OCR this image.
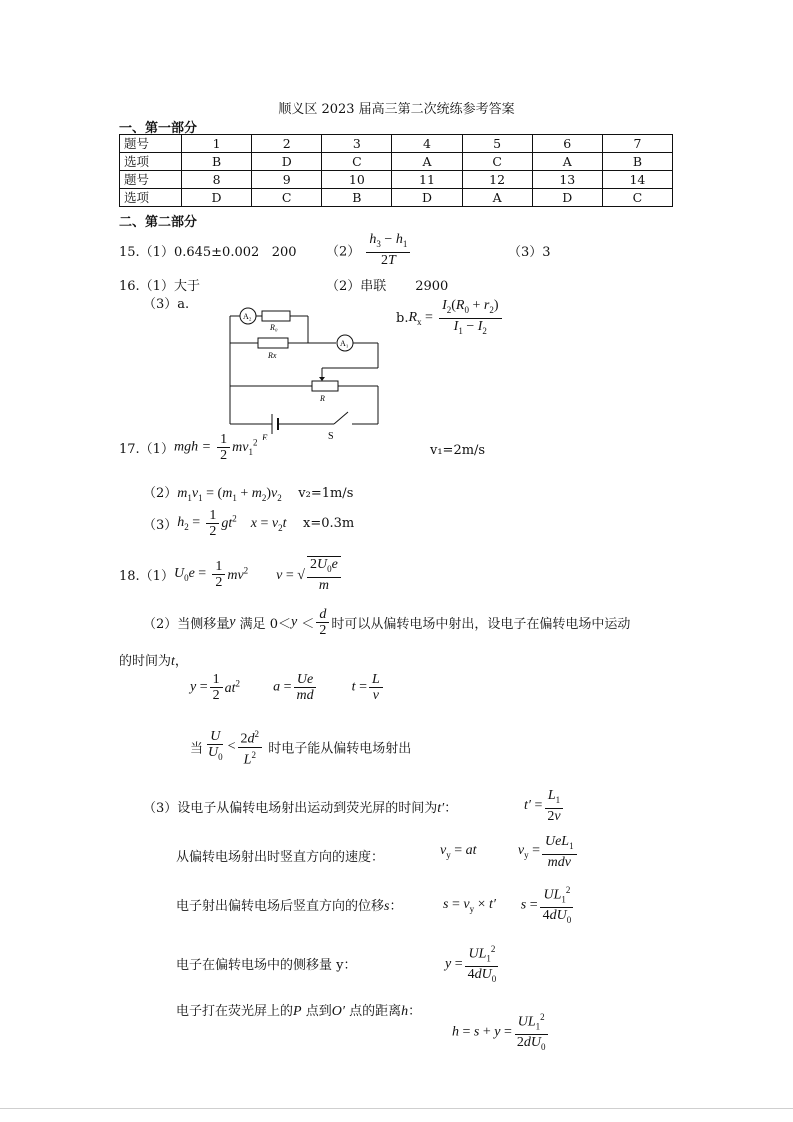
顺义区 2023 届高三第二次统练参考答案
一、第一部分
题号	1	2	3	4	5	6	7
选项	B	D	C	A	C	A	B
题号	8	9	10	11	12	13	14
选项	D	C	B	D	A	D	C
二、第二部分
15.（1）0.645±0.002 200 $(2) \frac{h_3 - h_1}{2T}$	（3）3
16.（1）大于	（2）串联 2900
（3）a.
A₂
A₁
R₀
Rx
R
E	S
$b.R_x = \frac{I_2(R_0 + r_2)}{I_1 - I_2}$
$17.(1)mgh = \frac{1}{2} mv_1^2$
v₁=2m/s
$(2)m_1v_1 = (m_1 + m_2)v_2$ v₂=1m/s
$(3)h_2 = \frac{1}{2} gt^2$ $x = v_2t$ x=0.3m
$18.(1)U_0e = \frac{1}{2} mv^2$ v = √ $\frac{2U_0e}{m}$
（2）当侧移量y 满足 $0<y < \frac{d}{2}$ 时可以从偏转电场中射出，设电子在偏转电场中运动
的时间为t，
$y = \frac{1}{2} at^2$ $a = \frac{Ue}{md}$	$t = \frac{L}{v}$
当 $\frac{U}{U_0} < \frac{2d^2}{L^2}$ 时电子能从偏转电场射出
（3）设电子从偏转电场射出运动到荧光屏的时间为t′：	$t' = \frac{L_1}{2v}$
从偏转电场射出时竖直方向的速度：	$v_y$ = at	$v_y = \frac{UeL_1}{\text{mdv}}$
电子射出偏转电场后竖直方向的位移s：	$s = v_y \times t'$ $s = \frac{UL_1^2}{4dU_0}$
电子在偏转电场中的侧移量 y：	$y = \frac{UL_1^2}{4dU_0}$
电子打在荧光屏上的P 点到O′ 点的距离h：
$h = s + y = \frac{UL_1^2}{2dU_0}$
